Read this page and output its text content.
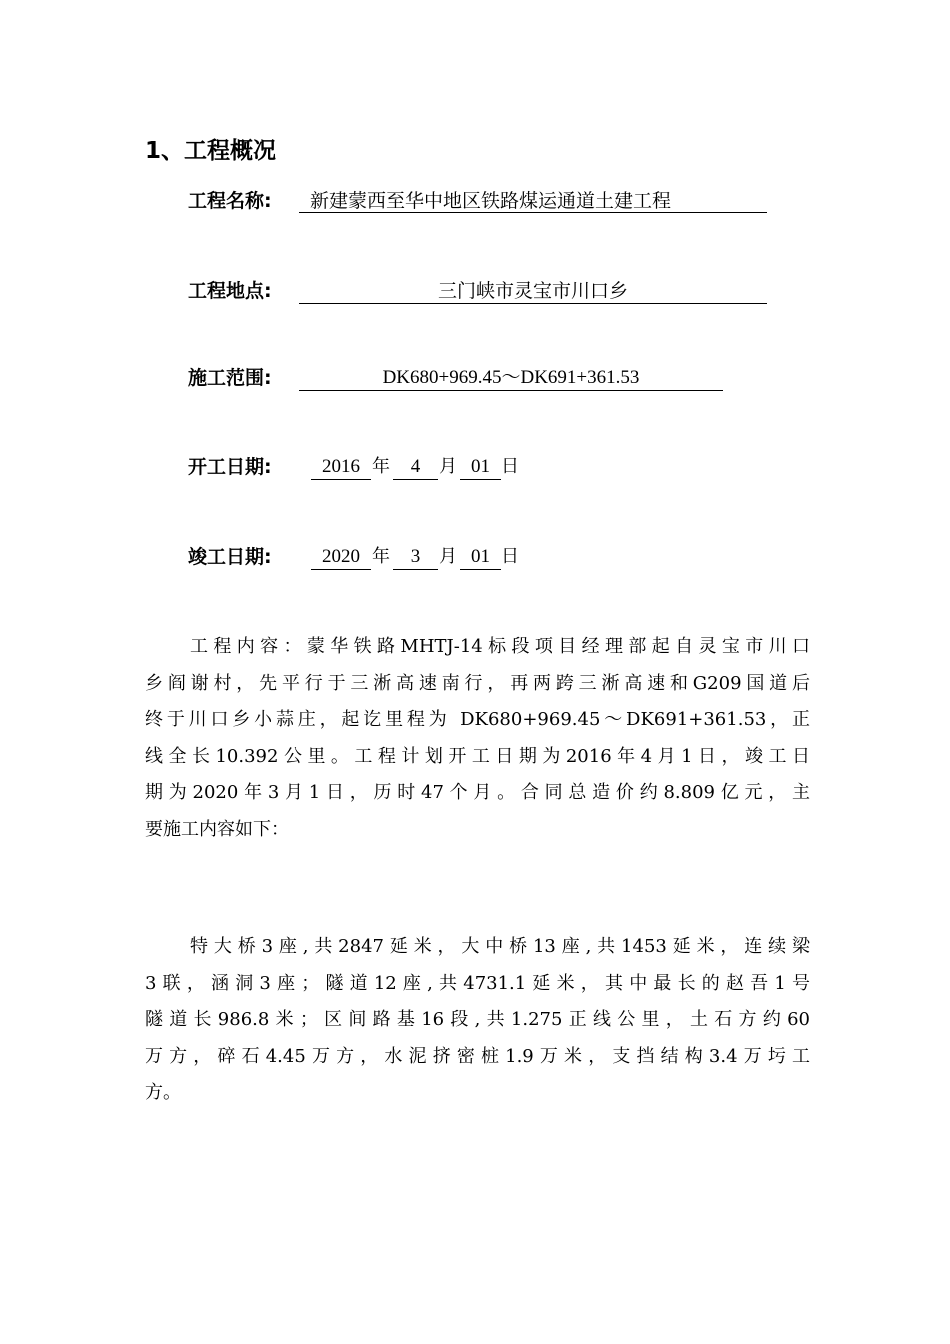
1、工程概况
工程名称:	新建蒙西至华中地区铁路煤运通道土建工程
工程地点:	三门峡市灵宝市川口乡
施工范围:	DK680+969.45～DK691+361.53
开工日期:	2016 年	4	月 01 日
竣工日期:	2020 年	3	月 01 日
工程内容：蒙华铁路MHTJ-14标段项目经理部起自灵宝市川口
乡阎谢村，先平行于三淅高速南行，再两跨三淅高速和G209国道后
终于川口乡小蒜庄，起讫里程为 DK680+969.45～DK691+361.53，正
线全长10.392公里。工程计划开工日期为2016年4月1日，竣工日
期为2020年3月1日，历时47个月。合同总造价约8.809亿元，主
要施工内容如下：
特大桥3座,共2847延米，大中桥13座,共1453延米，连续梁
3联，涵洞3座；隧道12座,共4731.1延米，其中最长的赵吾1号
隧道长986.8米；区间路基16段,共1.275正线公里，土石方约60
万方，碎石4.45万方，水泥挤密桩1.9万米，支挡结构3.4万圬工
方。
